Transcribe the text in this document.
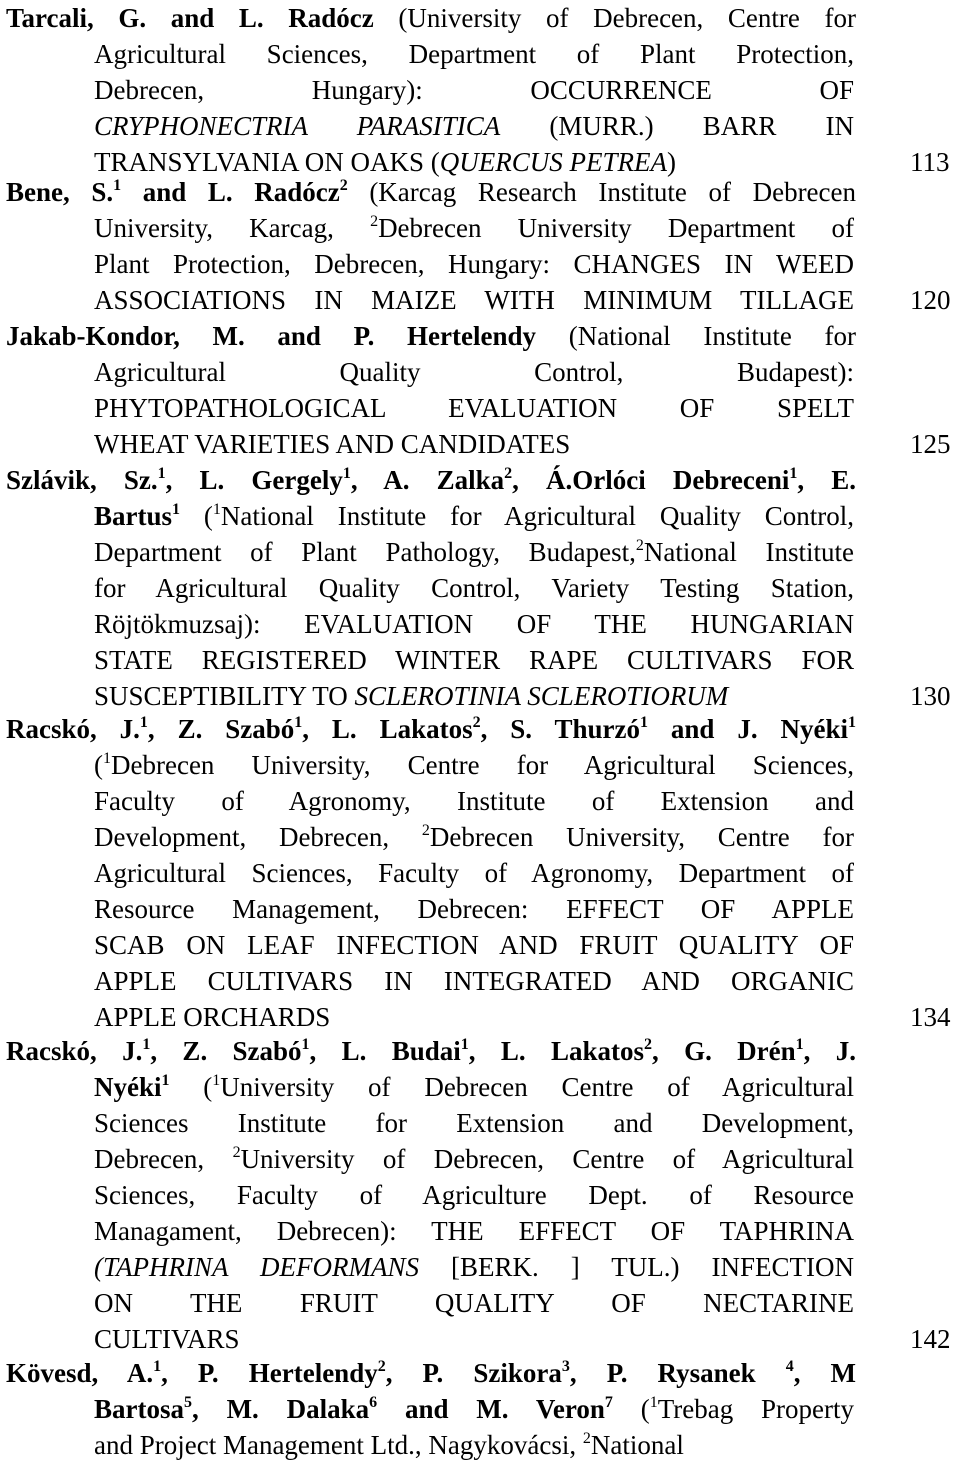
Tarcali, G. and L. Radócz (University of Debrecen, Centre for
Agricultural Sciences, Department of Plant Protection,
Debrecen, Hungary): OCCURRENCE OF
CRYPHONECTRIA PARASITICA (MURR.) BARR IN
TRANSYLVANIA ON OAKS (QUERCUS PETREA)	113
Bene, S.$^1$ and L. Radócz$^2$ (Karcag Research Institute of Debrecen
University, Karcag, $^2$Debrecen University Department of
Plant Protection, Debrecen, Hungary: CHANGES IN WEED
ASSOCIATIONS IN MAIZE WITH MINIMUM TILLAGE 120
Jakab-Kondor, M. and P. Hertelendy (National Institute for
Agricultural Quality Control, Budapest):
PHYTOPATHOLOGICAL EVALUATION OF SPELT
WHEAT VARIETIES AND CANDIDATES	125
Szlávik, Sz.$^1$, L. Gergely$^1$, A. Zalka$^2$, Á.Orlóci Debreceni$^1$, E.
Bartus$^1$ ($^1$National Institute for Agricultural Quality Control,
Department of Plant Pathology, Budapest,$^2$National Institute
for Agricultural Quality Control, Variety Testing Station,
Röjtökmuzsaj): EVALUATION OF THE HUNGARIAN
STATE REGISTERED WINTER RAPE CULTIVARS FOR
SUSCEPTIBILITY TO SCLEROTINIA SCLEROTIORUM	130
Racskó, J.$^1$, Z. Szabó$^1$, L. Lakatos$^2$, S. Thurzó$^1$ and J. Nyéki$^1$
($^1$Debrecen University, Centre for Agricultural Sciences,
Faculty of Agronomy, Institute of Extension and
Development, Debrecen, $^2$Debrecen University, Centre for
Agricultural Sciences, Faculty of Agronomy, Department of
Resource Management, Debrecen: EFFECT OF APPLE
SCAB ON LEAF INFECTION AND FRUIT QUALITY OF
APPLE CULTIVARS IN INTEGRATED AND ORGANIC
APPLE ORCHARDS	134
Racskó, J.$^1$, Z. Szabó$^1$, L. Budai$^1$, L. Lakatos$^2$, G. Drén$^1$, J.
Nyéki$^1$ ($^1$University of Debrecen Centre of Agricultural
Sciences Institute for Extension and Development,
Debrecen, $^2$University of Debrecen, Centre of Agricultural
Sciences, Faculty of Agriculture Dept. of Resource
Managament, Debrecen): THE EFFECT OF TAPHRINA
(TAPHRINA DEFORMANS [BERK. ] TUL.) INFECTION
ON THE FRUIT QUALITY OF NECTARINE
CULTIVARS	142
Kövesd, A.$^1$, P. Hertelendy$^2$, P. Szikora$^3$, P. Rysanek $^4$, M
Bartosa$^5$, M. Dalaka$^6$ and M. Veron$^7$ ($^1$Trebag Property
and Project Management Ltd., Nagykovácsi, $^2$National
